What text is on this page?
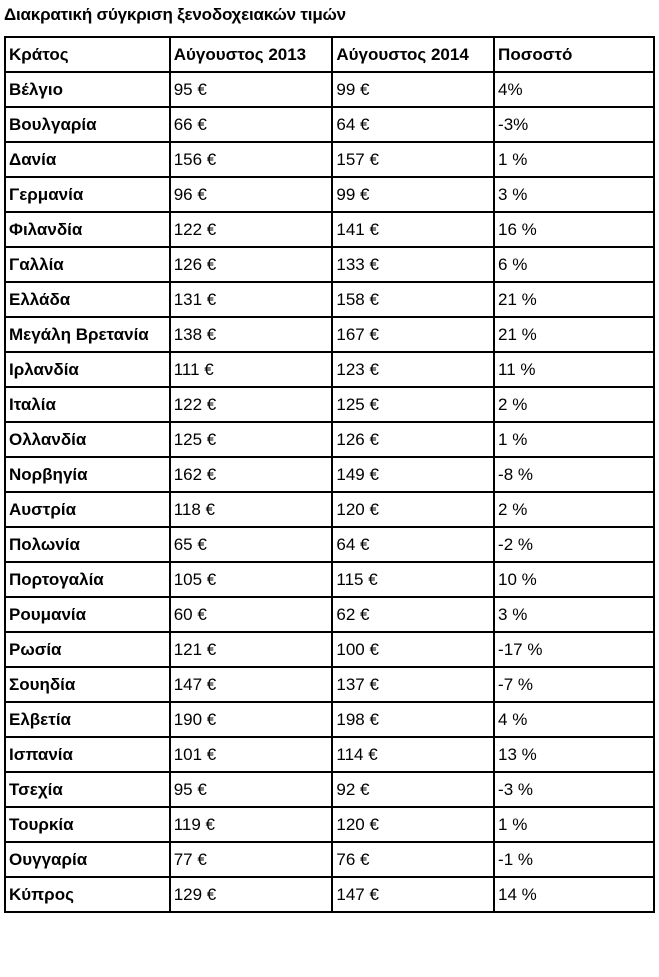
Διακρατική σύγκριση ξενοδοχειακών τιμών
Κράτος	Αύγουστος 2013	Αύγουστος 2014	Ποσοστό
Βέλγιο	95 €	99 €	4%
Βουλγαρία	66 €	64 €	-3%
Δανία	156 €	157 €	1 %
Γερμανία	96 €	99 €	3 %
Φιλανδία	122 €	141 €	16 %
Γαλλία	126 €	133 €	6 %
Ελλάδα	131 €	158 €	21 %
Μεγάλη Βρετανία	138 €	167 €	21 %
Ιρλανδία	111 €	123 €	11 %
Ιταλία	122 €	125 €	2 %
Ολλανδία	125 €	126 €	1 %
Νορβηγία	162 €	149 €	-8 %
Αυστρία	118 €	120 €	2 %
Πολωνία	65 €	64 €	-2 %
Πορτογαλία	105 €	115 €	10 %
Ρουμανία	60 €	62 €	3 %
Ρωσία	121 €	100 €	-17 %
Σουηδία	147 €	137 €	-7 %
Ελβετία	190 €	198 €	4 %
Ισπανία	101 €	114 €	13 %
Τσεχία	95 €	92 €	-3 %
Τουρκία	119 €	120 €	1 %
Ουγγαρία	77 €	76 €	-1 %
Κύπρος	129 €	147 €	14 %
